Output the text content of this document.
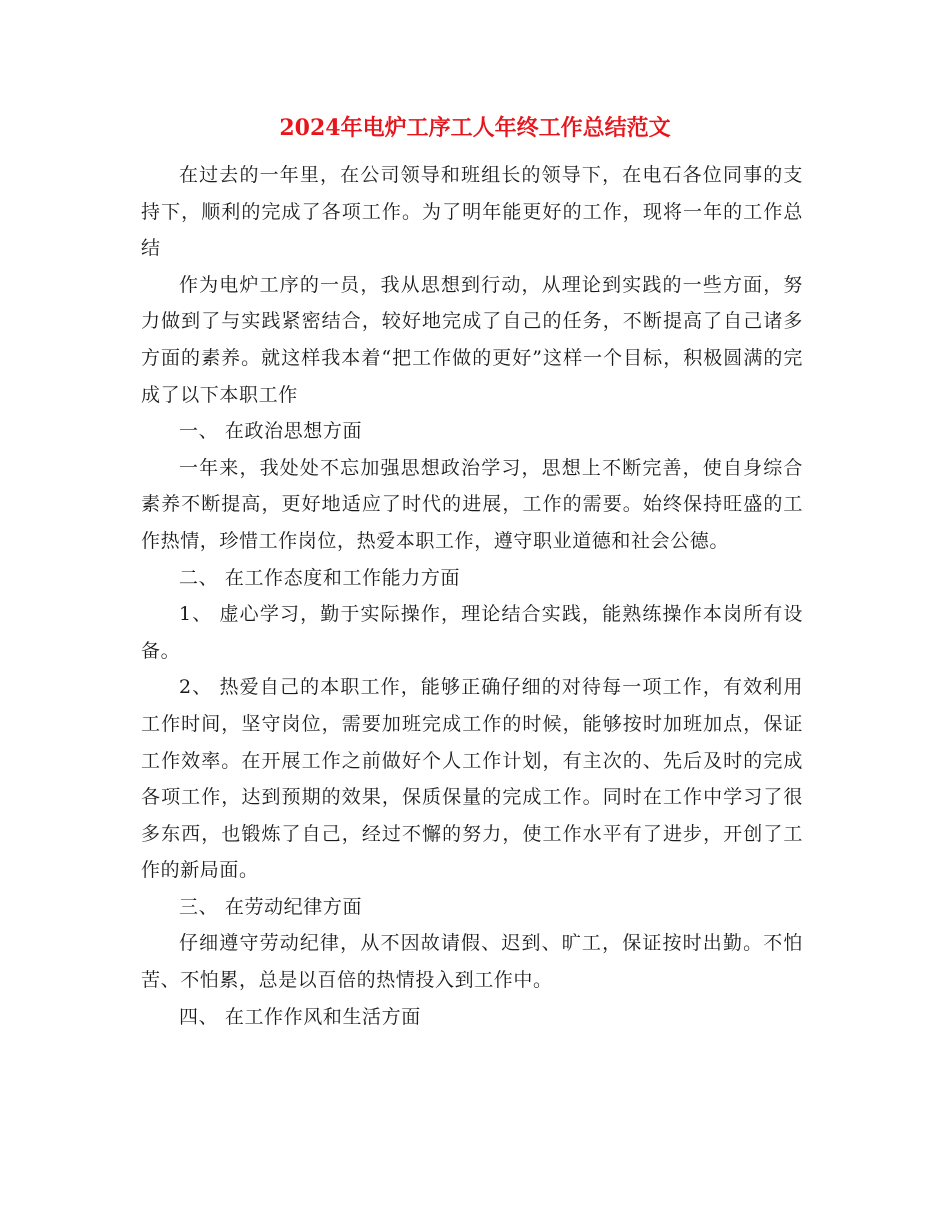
2024年电炉工序工人年终工作总结范文

在过去的一年里，在公司领导和班组长的领导下，在电石各位同事的支持下，顺利的完成了各项工作。为了明年能更好的工作，现将一年的工作总结

作为电炉工序的一员，我从思想到行动，从理论到实践的一些方面，努力做到了与实践紧密结合，较好地完成了自己的任务，不断提高了自己诸多方面的素养。就这样我本着“把工作做的更好”这样一个目标，积极圆满的完成了以下本职工作

一、 在政治思想方面

一年来，我处处不忘加强思想政治学习，思想上不断完善，使自身综合素养不断提高，更好地适应了时代的进展，工作的需要。始终保持旺盛的工作热情，珍惜工作岗位，热爱本职工作，遵守职业道德和社会公德。

二、 在工作态度和工作能力方面

1、 虚心学习，勤于实际操作，理论结合实践，能熟练操作本岗所有设备。

2、 热爱自己的本职工作，能够正确仔细的对待每一项工作，有效利用工作时间，坚守岗位，需要加班完成工作的时候，能够按时加班加点，保证工作效率。在开展工作之前做好个人工作计划，有主次的、先后及时的完成各项工作，达到预期的效果，保质保量的完成工作。同时在工作中学习了很多东西，也锻炼了自己，经过不懈的努力，使工作水平有了进步，开创了工作的新局面。

三、 在劳动纪律方面

仔细遵守劳动纪律，从不因故请假、迟到、旷工，保证按时出勤。不怕苦、不怕累，总是以百倍的热情投入到工作中。

四、 在工作作风和生活方面
